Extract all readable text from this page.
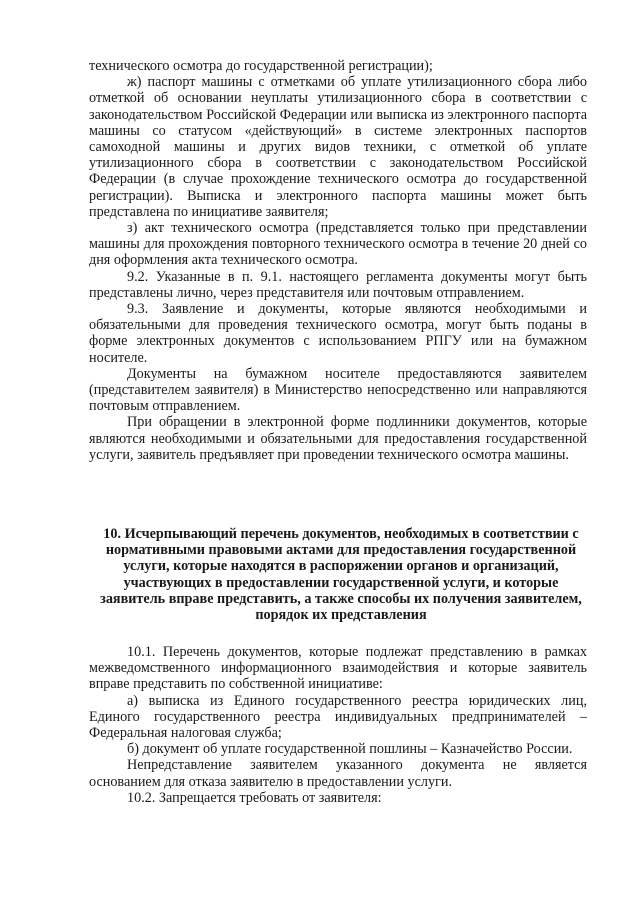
технического осмотра до государственной регистрации);

ж) паспорт машины с отметками об уплате утилизационного сбора либо отметкой об основании неуплаты утилизационного сбора в соответствии с законодательством Российской Федерации или выписка из электронного паспорта машины со статусом «действующий» в системе электронных паспортов самоходной машины и других видов техники, с отметкой об уплате утилизационного сбора в соответствии с законодательством Российской Федерации (в случае прохождение технического осмотра до государственной регистрации). Выписка и электронного паспорта машины может быть представлена по инициативе заявителя;

з) акт технического осмотра (представляется только при представлении машины для прохождения повторного технического осмотра в течение 20 дней со дня оформления акта технического осмотра.

9.2. Указанные в п. 9.1. настоящего регламента документы могут быть представлены лично, через представителя или почтовым отправлением.

9.3. Заявление и документы, которые являются необходимыми и обязательными для проведения технического осмотра, могут быть поданы в форме электронных документов с использованием РПГУ или на бумажном носителе.

Документы на бумажном носителе предоставляются заявителем (представителем заявителя) в Министерство непосредственно или направляются почтовым отправлением.

При обращении в электронной форме подлинники документов, которые являются необходимыми и обязательными для предоставления государственной услуги, заявитель предъявляет при проведении технического осмотра машины.

10. Исчерпывающий перечень документов, необходимых в соответствии с нормативными правовыми актами для предоставления государственной услуги, которые находятся в распоряжении органов и организаций, участвующих в предоставлении государственной услуги, и которые заявитель вправе представить, а также способы их получения заявителем, порядок их представления

10.1. Перечень документов, которые подлежат представлению в рамках межведомственного информационного взаимодействия и которые заявитель вправе представить по собственной инициативе:

а) выписка из Единого государственного реестра юридических лиц, Единого государственного реестра индивидуальных предпринимателей – Федеральная налоговая служба;

б) документ об уплате государственной пошлины – Казначейство России.

Непредставление заявителем указанного документа не является основанием для отказа заявителю в предоставлении услуги.

10.2. Запрещается требовать от заявителя:
